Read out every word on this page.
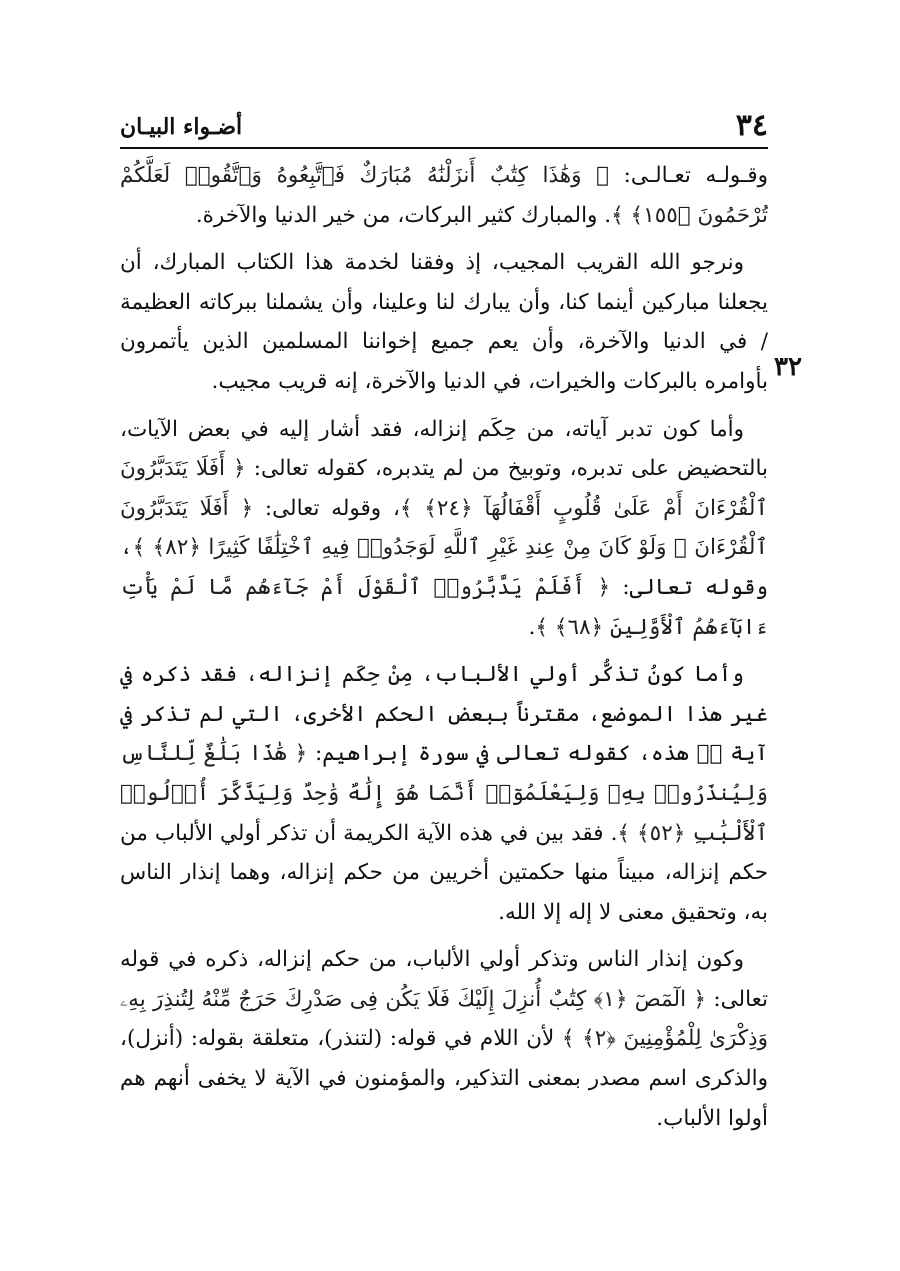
٣٤
أضـواء البيـان
٣٢

وقـولـه تعـالـى: ﴿ وَهَٰذَا كِتَٰبٌ أَنزَلْنَٰهُ مُبَارَكٌ فَٱتَّبِعُوهُ وَٱتَّقُوا۟ لَعَلَّكُمْ تُرْحَمُونَ ﴿١٥٥﴾ ﴾. والمبارك كثير البركات، من خير الدنيا والآخرة.

ونرجو الله القريب المجيب، إذ وفقنا لخدمة هذا الكتاب المبارك، أن يجعلنا مباركين أينما كنا، وأن يبارك لنا وعلينا، وأن يشملنا ببركاته العظيمة / في الدنيا والآخرة، وأن يعم جميع إخواننا المسلمين الذين يأتمرون بأوامره بالبركات والخيرات، في الدنيا والآخرة، إنه قريب مجيب.

وأما كون تدبر آياته، من حِكَم إنزاله، فقد أشار إليه في بعض الآيات، بالتحضيض على تدبره، وتوبيخ من لم يتدبره، كقوله تعالى: ﴿ أَفَلَا يَتَدَبَّرُونَ ٱلْقُرْءَانَ أَمْ عَلَىٰ قُلُوبٍ أَقْفَالُهَآ ﴿٢٤﴾ ﴾، وقوله تعالى: ﴿ أَفَلَا يَتَدَبَّرُونَ ٱلْقُرْءَانَ ۚ وَلَوْ كَانَ مِنْ عِندِ غَيْرِ ٱللَّهِ لَوَجَدُوا۟ فِيهِ ٱخْتِلَٰفًا كَثِيرًا ﴿٨٢﴾ ﴾، وقوله تعالى: ﴿ أَفَلَمْ يَدَّبَّرُوا۟ ٱلْقَوْلَ أَمْ جَآءَهُم مَّا لَمْ يَأْتِ ءَابَآءَهُمُ ٱلْأَوَّلِينَ ﴿٦٨﴾ ﴾.

وأما كونُ تذكُّر أولي الألباب، مِنْ حِكَم إنزاله، فقد ذكره في غير هذا الموضع، مقترناً ببعض الحكم الأخرى، التي لم تذكر في آية صۤ هذه، كقوله تعالى في سورة إبراهيم: ﴿ هَٰذَا بَلَٰغٌ لِّلنَّاسِ وَلِيُنذَرُوا۟ بِهِۦ وَلِيَعْلَمُوٓا۟ أَنَّمَا هُوَ إِلَٰهٌ وَٰحِدٌ وَلِيَذَّكَّرَ أُو۟لُوا۟ ٱلْأَلْبَٰبِ ﴿٥٢﴾ ﴾. فقد بين في هذه الآية الكريمة أن تذكر أولي الألباب من حكم إنزاله، مبيناً منها حكمتين أخريين من حكم إنزاله، وهما إنذار الناس به، وتحقيق معنى لا إله إلا الله.

وكون إنذار الناس وتذكر أولي الألباب، من حكم إنزاله، ذكره في قوله تعالى: ﴿ الٓمٓصٓ ﴿١﴾ كِتَٰبٌ أُنزِلَ إِلَيْكَ فَلَا يَكُن فِى صَدْرِكَ حَرَجٌ مِّنْهُ لِتُنذِرَ بِهِۦ وَذِكْرَىٰ لِلْمُؤْمِنِينَ ﴿٢﴾ ﴾ لأن اللام في قوله: (لتنذر)، متعلقة بقوله: (أنزل)، والذكرى اسم مصدر بمعنى التذكير، والمؤمنون في الآية لا يخفى أنهم هم أولوا الألباب.
